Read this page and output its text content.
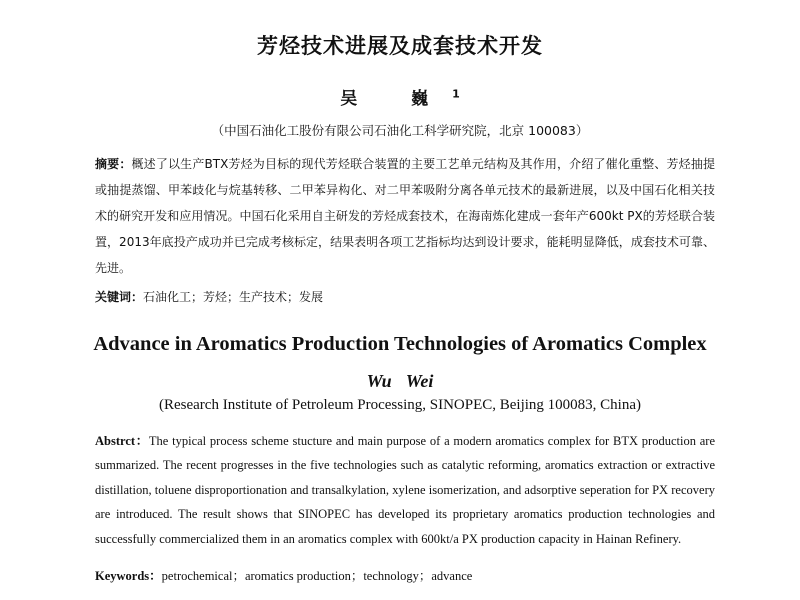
芳烃技术进展及成套技术开发
吴 巍$^1$
（中国石油化工股份有限公司石油化工科学研究院，北京 100083）
摘要：概述了以生产BTX芳烃为目标的现代芳烃联合装置的主要工艺单元结构及其作用，介绍了催化重整、芳烃抽提或抽提蒸馏、甲苯歧化与烷基转移、二甲苯异构化、对二甲苯吸附分离各单元技术的最新进展，以及中国石化相关技术的研究开发和应用情况。中国石化采用自主研发的芳烃成套技术，在海南炼化建成一套年产600kt PX的芳烃联合装置，2013年底投产成功并已完成考核标定，结果表明各项工艺指标均达到设计要求，能耗明显降低，成套技术可靠、先进。
关键词：石油化工；芳烃；生产技术；发展
Advance in Aromatics Production Technologies of Aromatics Complex
Wu Wei
(Research Institute of Petroleum Processing, SINOPEC, Beijing 100083, China)
Abstrct：The typical process scheme stucture and main purpose of a modern aromatics complex for BTX production are summarized. The recent progresses in the five technologies such as catalytic reforming, aromatics extraction or extractive distillation, toluene disproportionation and transalkylation, xylene isomerization, and adsorptive seperation for PX recovery are introduced. The result shows that SINOPEC has developed its proprietary aromatics production technologies and successfully commercialized them in an aromatics complex with 600kt/a PX production capacity in Hainan Refinery.
Keywords：petrochemical；aromatics production；technology；advance
